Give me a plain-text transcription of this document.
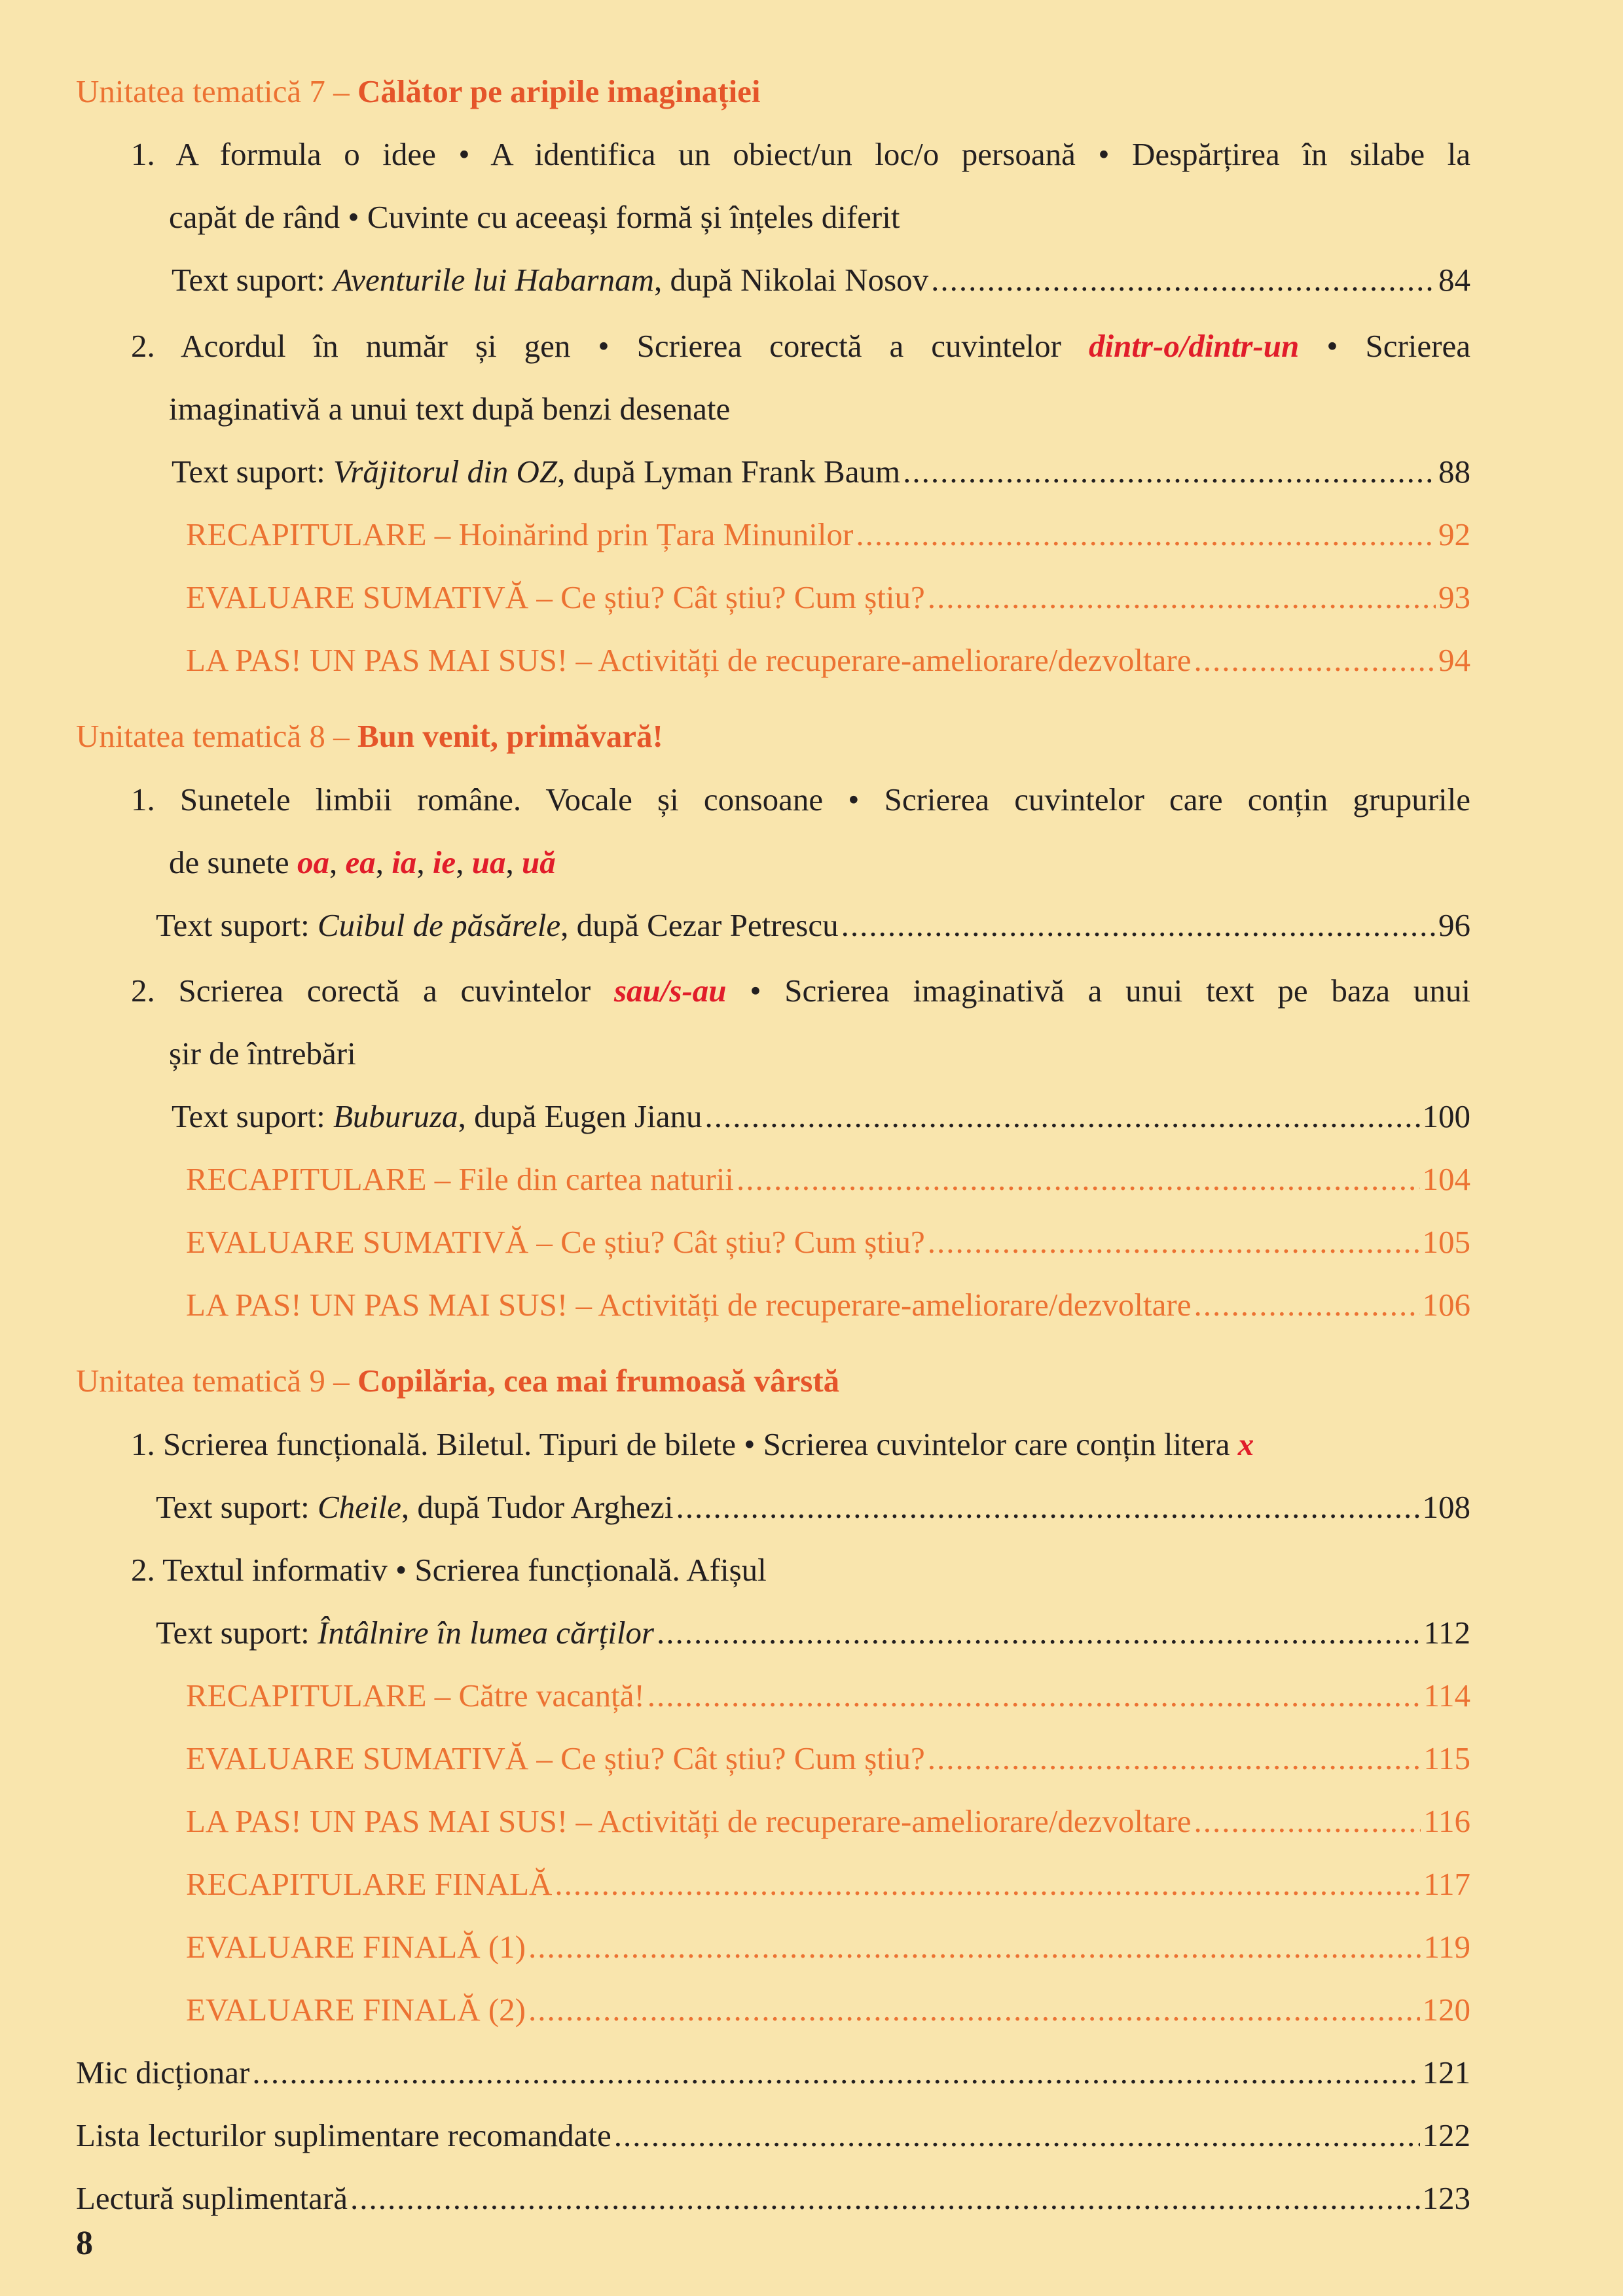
Unitatea tematică 7 – Călător pe aripile imaginației
1. A formula o idee • A identifica un obiect/un loc/o persoană • Despărțirea în silabe la
capăt de rând • Cuvinte cu aceeași formă și înțeles diferit
Text suport: Aventurile lui Habarnam, după Nikolai Nosov .....	84
2. Acordul în număr și gen • Scrierea corectă a cuvintelor dintr-o/dintr-un • Scrierea
imaginativă a unui text după benzi desenate
Text suport: Vrăjitorul din OZ, după Lyman Frank Baum .....	88
RECAPITULARE – Hoinărind prin Țara Minunilor .....	92
EVALUARE SUMATIVĂ – Ce știu? Cât știu? Cum știu? .....	93
LA PAS! UN PAS MAI SUS! – Activități de recuperare-ameliorare/dezvoltare .....	94
Unitatea tematică 8 – Bun venit, primăvară!
1. Sunetele limbii române. Vocale și consoane • Scrierea cuvintelor care conțin grupurile
de sunete oa, ea, ia, ie, ua, uă
Text suport: Cuibul de păsărele, după Cezar Petrescu .....	96
2. Scrierea corectă a cuvintelor sau/s-au • Scrierea imaginativă a unui text pe baza unui
șir de întrebări
Text suport: Buburuza, după Eugen Jianu .....	100
RECAPITULARE – File din cartea naturii .....	104
EVALUARE SUMATIVĂ – Ce știu? Cât știu? Cum știu? .....	105
LA PAS! UN PAS MAI SUS! – Activități de recuperare-ameliorare/dezvoltare .....	106
Unitatea tematică 9 – Copilăria, cea mai frumoasă vârstă
1. Scrierea funcțională. Biletul. Tipuri de bilete • Scrierea cuvintelor care conțin litera x
Text suport: Cheile, după Tudor Arghezi .....	108
2. Textul informativ • Scrierea funcțională. Afișul
Text suport: Întâlnire în lumea cărților .....	112
RECAPITULARE – Către vacanță! .....	114
EVALUARE SUMATIVĂ – Ce știu? Cât știu? Cum știu? .....	115
LA PAS! UN PAS MAI SUS! – Activități de recuperare-ameliorare/dezvoltare .....	116
RECAPITULARE FINALĂ .....	117
EVALUARE FINALĂ (1) .....	119
EVALUARE FINALĂ (2) .....	120
Mic dicționar .....	121
Lista lecturilor suplimentare recomandate .....	122
Lectură suplimentară .....	123
8
